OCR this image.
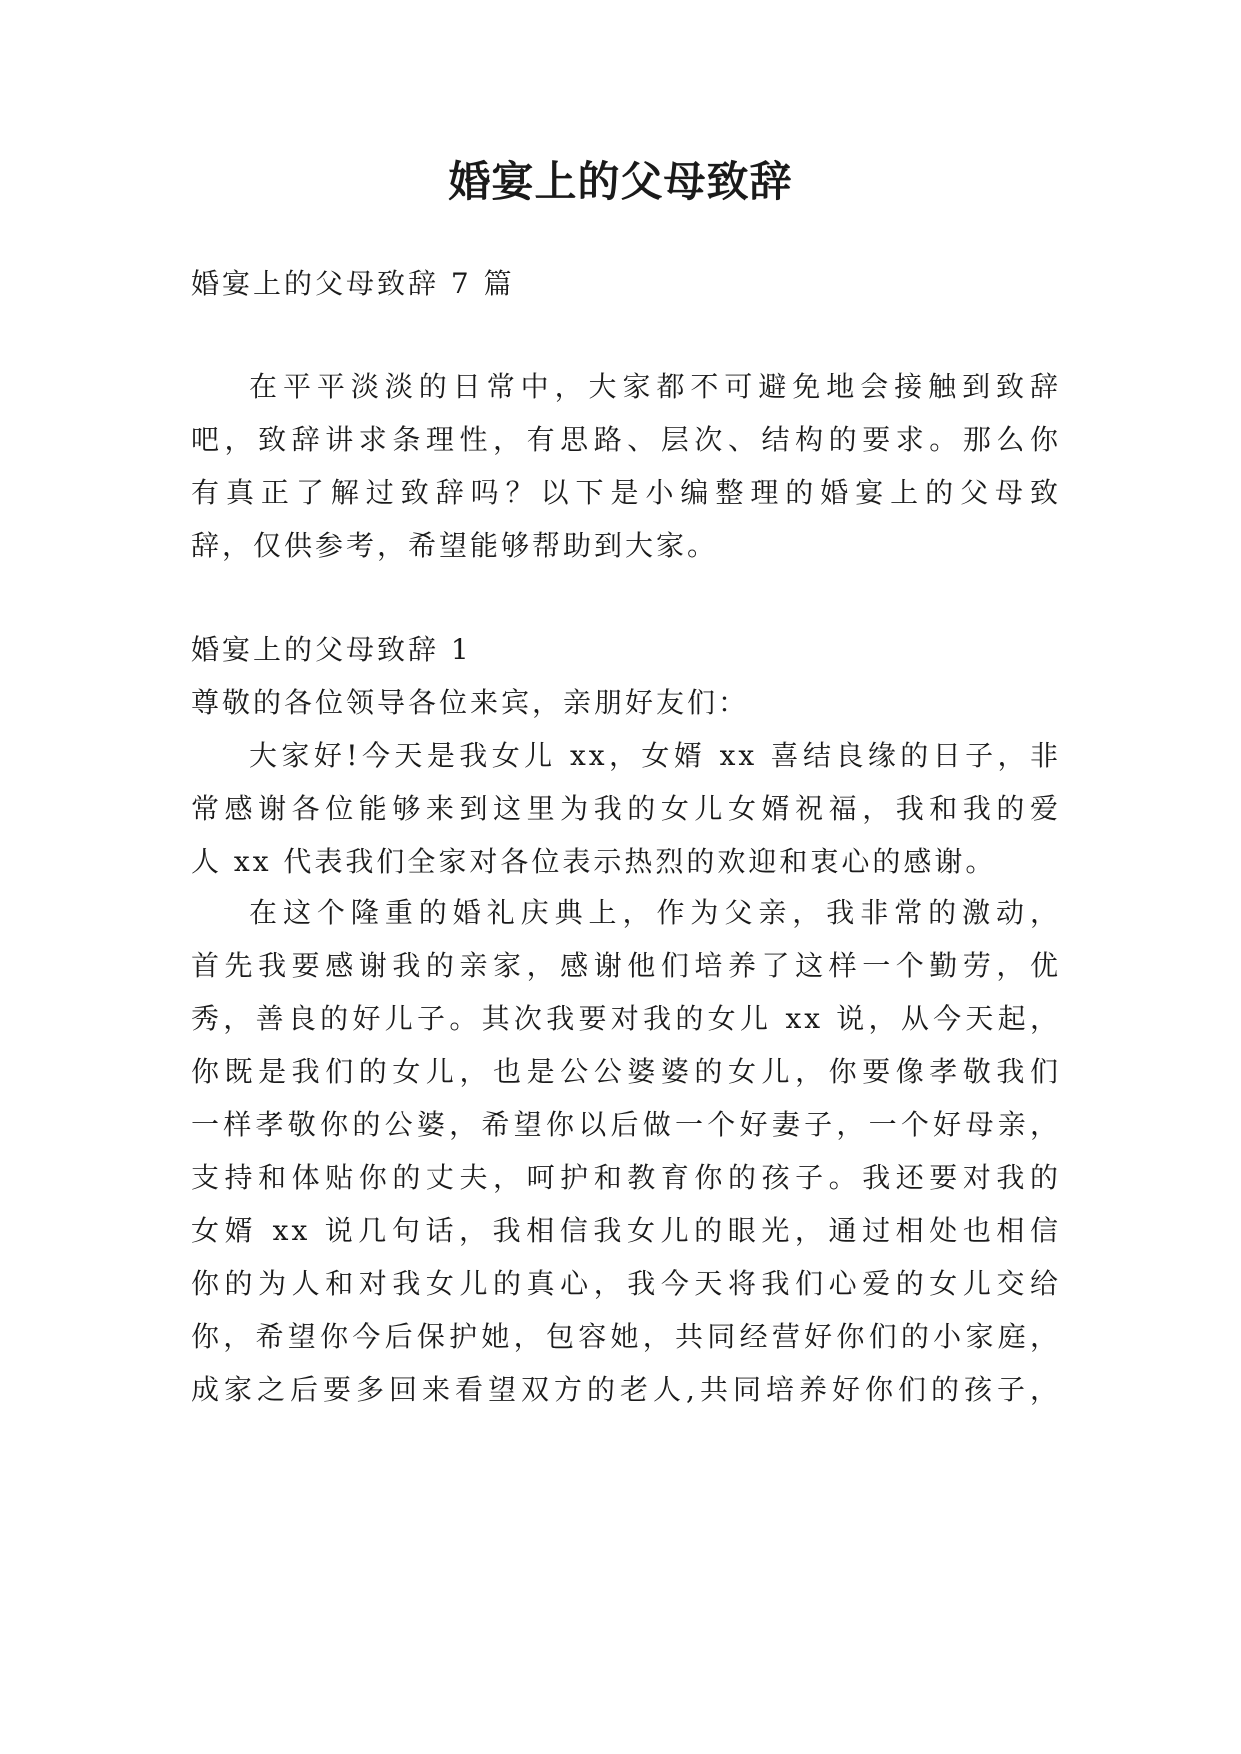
婚宴上的父母致辞
婚宴上的父母致辞 7 篇
在平平淡淡的日常中，大家都不可避免地会接触到致辞
吧，致辞讲求条理性，有思路、层次、结构的要求。那么你
有真正了解过致辞吗？以下是小编整理的婚宴上的父母致
辞，仅供参考，希望能够帮助到大家。
婚宴上的父母致辞 1
尊敬的各位领导各位来宾，亲朋好友们：
大家好!今天是我女儿 xx，女婿 xx 喜结良缘的日子，非
常感谢各位能够来到这里为我的女儿女婿祝福，我和我的爱
人 xx 代表我们全家对各位表示热烈的欢迎和衷心的感谢。
在这个隆重的婚礼庆典上，作为父亲，我非常的激动，
首先我要感谢我的亲家，感谢他们培养了这样一个勤劳，优
秀，善良的好儿子。其次我要对我的女儿 xx 说，从今天起，
你既是我们的女儿，也是公公婆婆的女儿，你要像孝敬我们
一样孝敬你的公婆，希望你以后做一个好妻子，一个好母亲，
支持和体贴你的丈夫，呵护和教育你的孩子。我还要对我的
女婿 xx 说几句话，我相信我女儿的眼光，通过相处也相信
你的为人和对我女儿的真心，我今天将我们心爱的女儿交给
你，希望你今后保护她，包容她，共同经营好你们的小家庭，
成家之后要多回来看望双方的老人,共同培养好你们的孩子，
